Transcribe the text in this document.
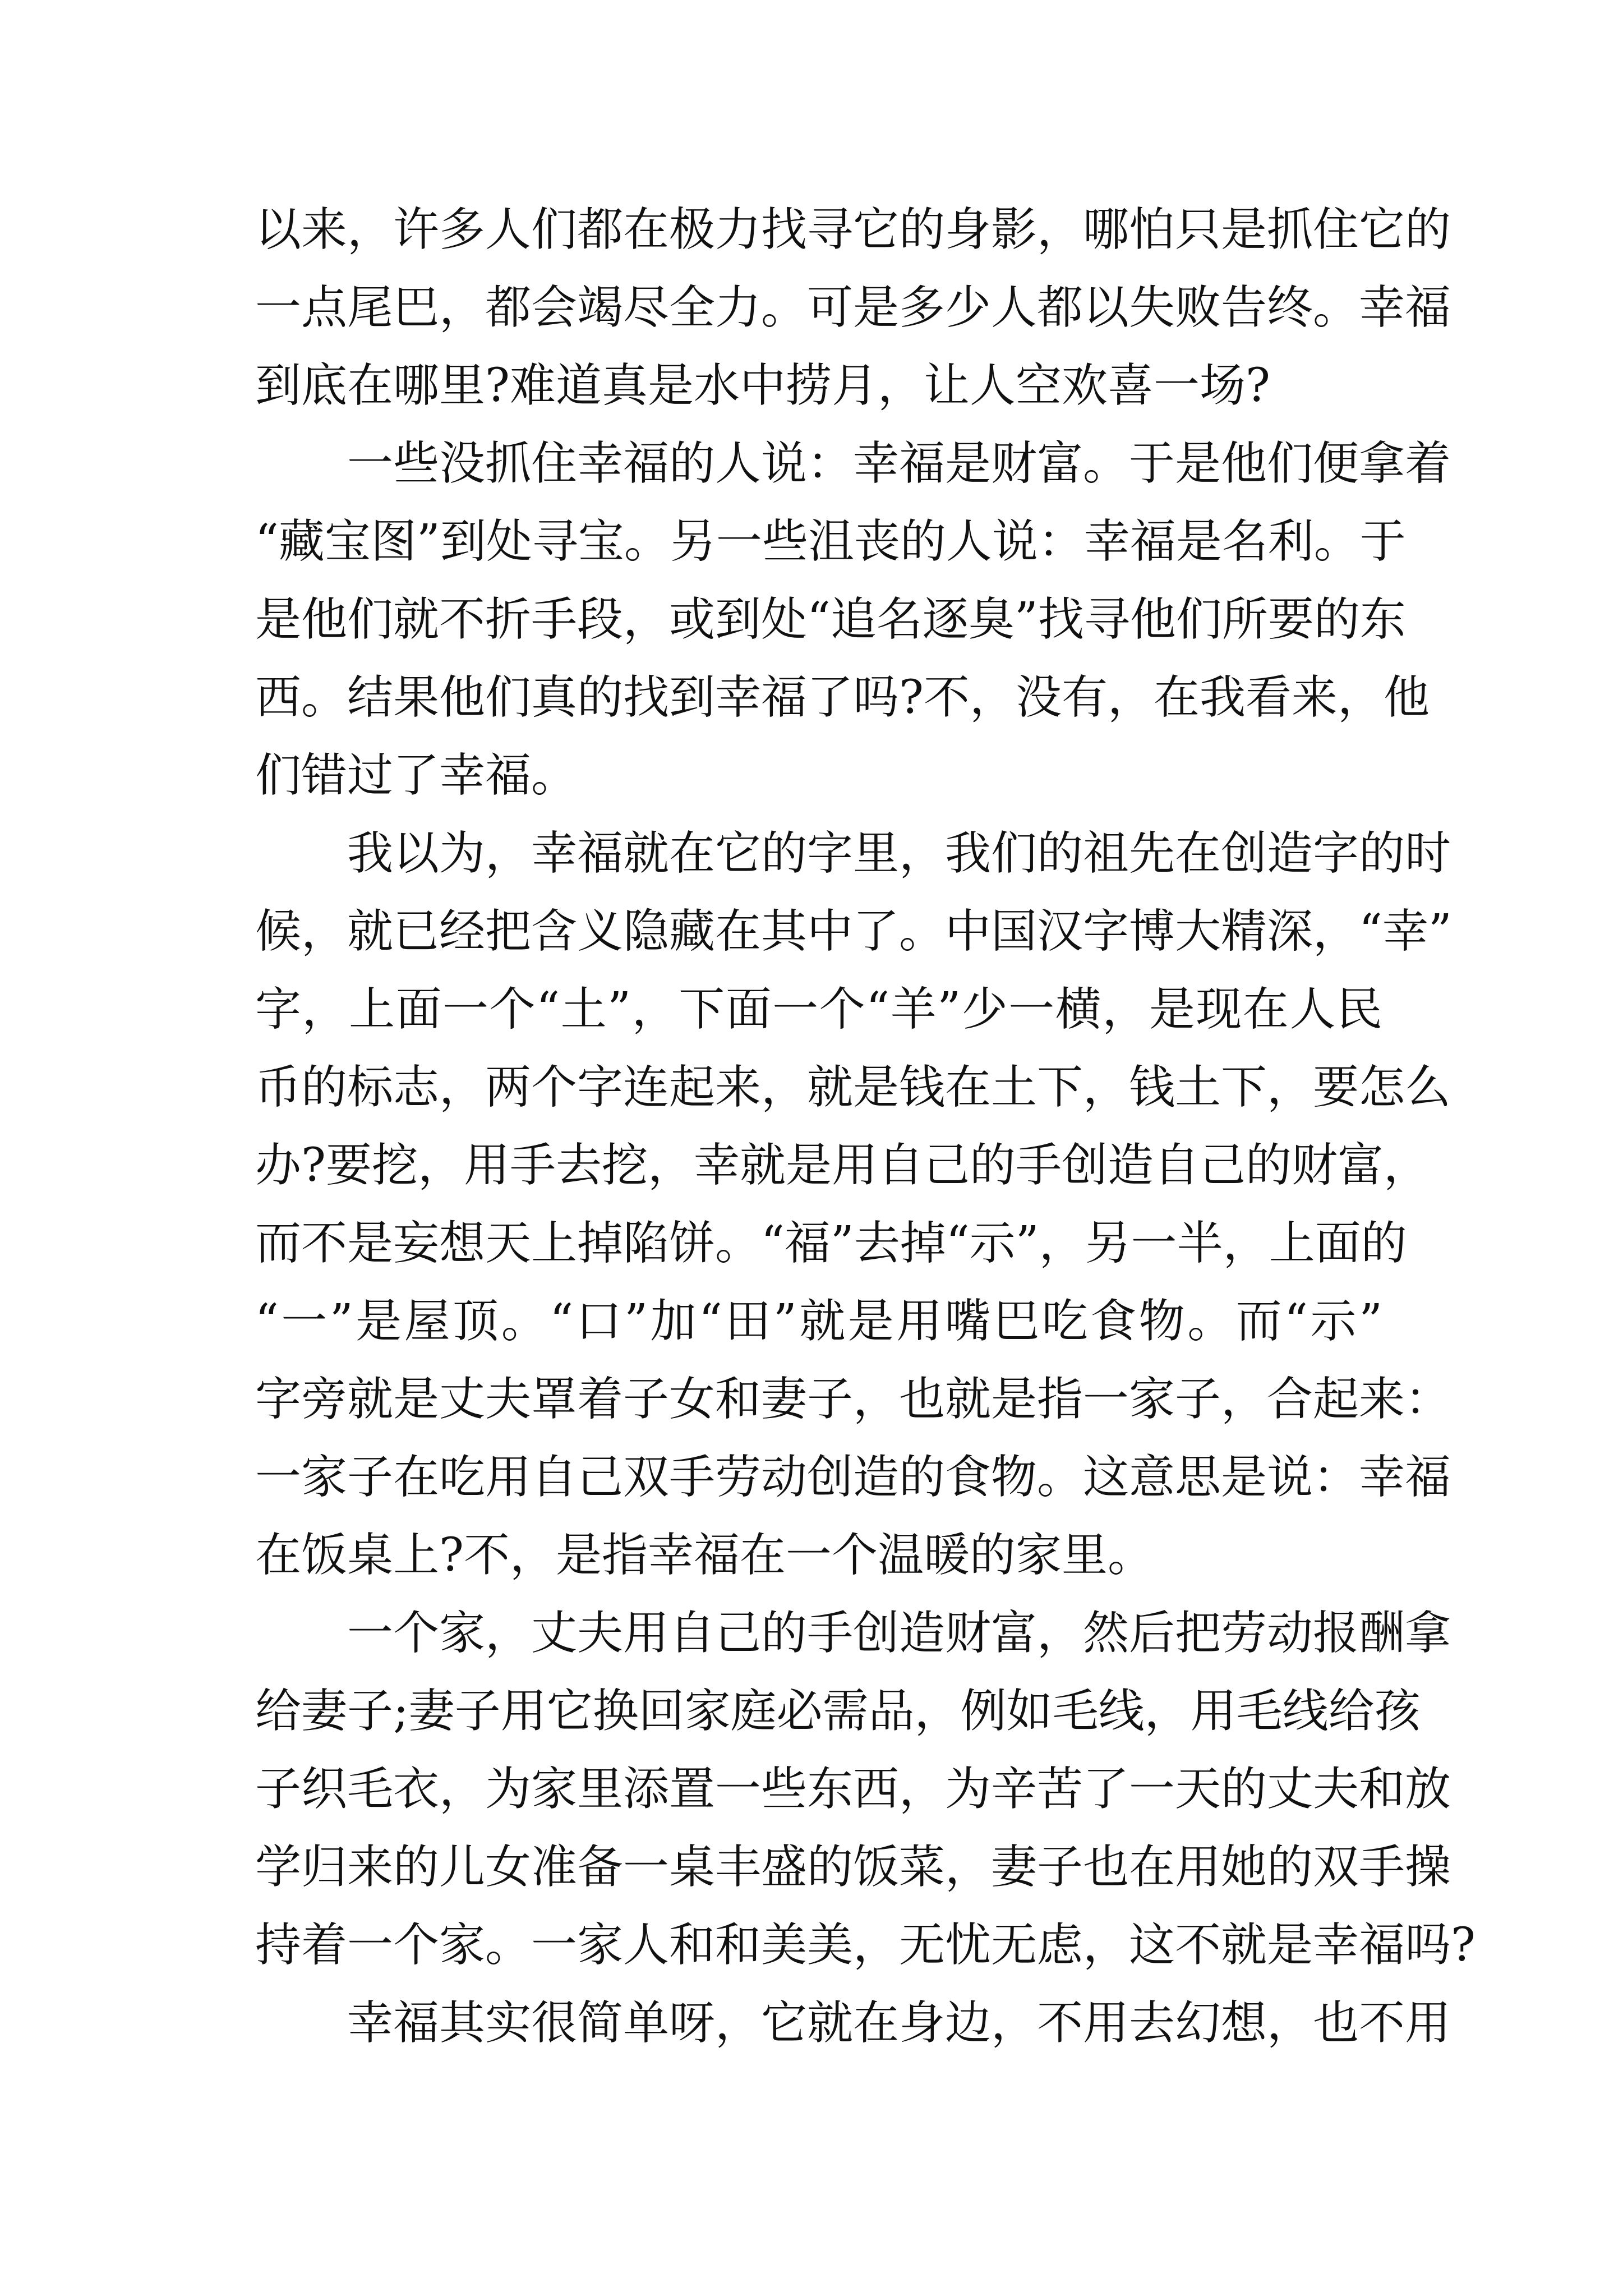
以来，许多人们都在极力找寻它的身影，哪怕只是抓住它的
一点尾巴，都会竭尽全力。可是多少人都以失败告终。幸福
到底在哪里?难道真是水中捞月，让人空欢喜一场?
一些没抓住幸福的人说：幸福是财富。于是他们便拿着
“藏宝图”到处寻宝。另一些沮丧的人说：幸福是名利。于
是他们就不折手段，或到处“追名逐臭”找寻他们所要的东
西。结果他们真的找到幸福了吗?不，没有，在我看来，他
们错过了幸福。
我以为，幸福就在它的字里，我们的祖先在创造字的时
候，就已经把含义隐藏在其中了。中国汉字博大精深，“幸”
字，上面一个“土”，下面一个“羊”少一横，是现在人民
币的标志，两个字连起来，就是钱在土下，钱土下，要怎么
办?要挖，用手去挖，幸就是用自己的手创造自己的财富，
而不是妄想天上掉陷饼。“福”去掉“示”，另一半，上面的
“一”是屋顶。“口”加“田”就是用嘴巴吃食物。而“示”
字旁就是丈夫罩着子女和妻子，也就是指一家子，合起来：
一家子在吃用自己双手劳动创造的食物。这意思是说：幸福
在饭桌上?不，是指幸福在一个温暖的家里。
一个家，丈夫用自己的手创造财富，然后把劳动报酬拿
给妻子;妻子用它换回家庭必需品，例如毛线，用毛线给孩
子织毛衣，为家里添置一些东西，为辛苦了一天的丈夫和放
学归来的儿女准备一桌丰盛的饭菜，妻子也在用她的双手操
持着一个家。一家人和和美美，无忧无虑，这不就是幸福吗?
幸福其实很简单呀，它就在身边，不用去幻想，也不用
